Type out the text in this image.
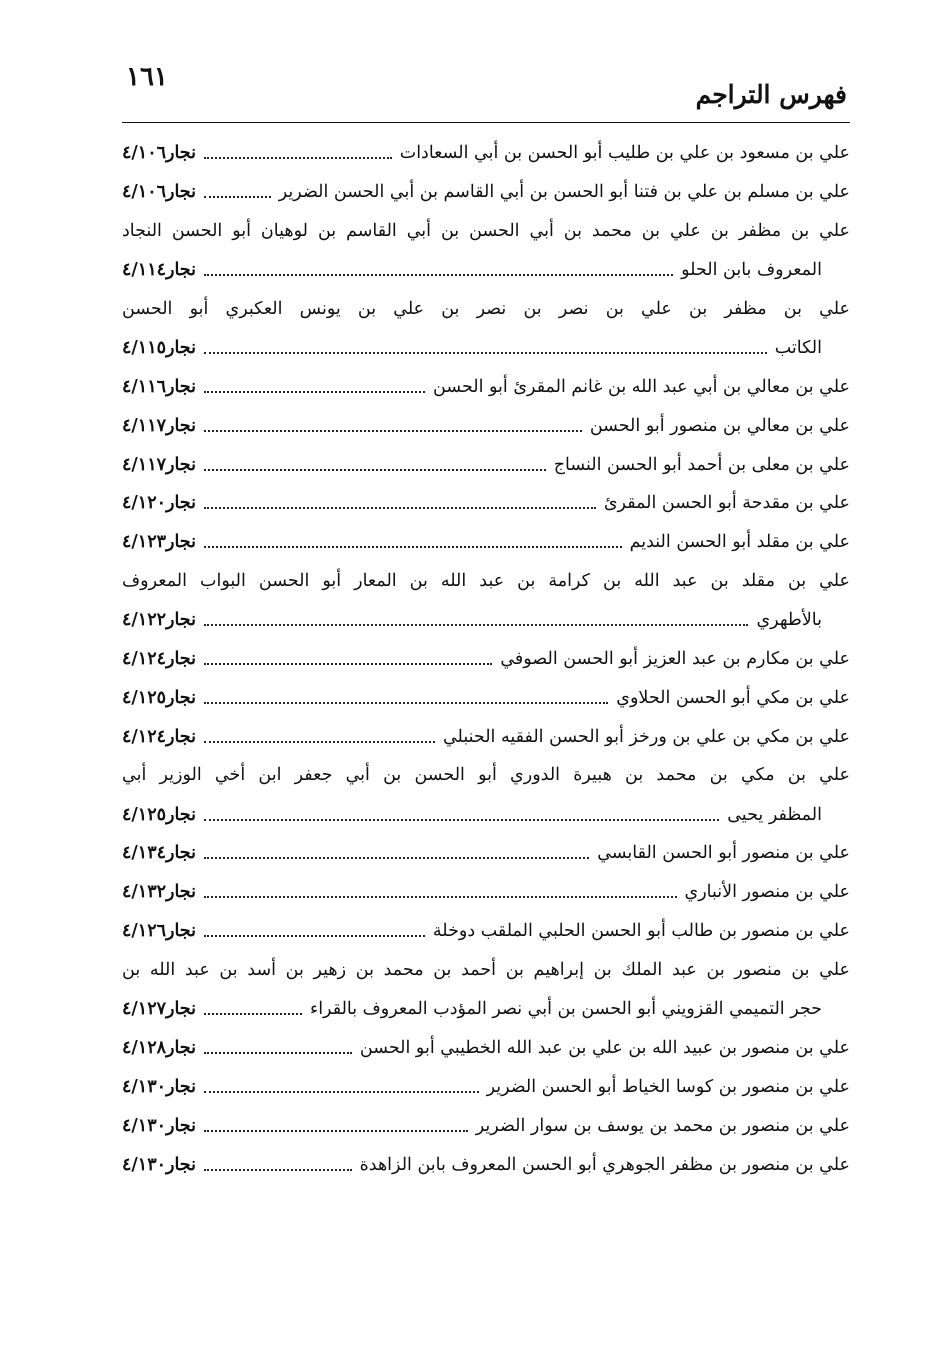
١٦١
فهرس التراجم
علي بن مسعود بن علي بن طليب أبو الحسن بن أبي السعادات
نجار٤/١٠٦
علي بن مسلم بن علي بن فتنا أبو الحسن بن أبي القاسم بن أبي الحسن الضرير
نجار٤/١٠٦
علي بن مظفر بن علي بن محمد بن أبي الحسن بن أبي القاسم بن لوهيان أبو الحسن النجاد
المعروف بابن الحلو
نجار٤/١١٤
علي بن مظفر بن علي بن نصر بن نصر بن علي بن يونس العكبري أبو الحسن
الكاتب
نجار٤/١١٥
علي بن معالي بن أبي عبد الله بن غانم المقرئ أبو الحسن
نجار٤/١١٦
علي بن معالي بن منصور أبو الحسن
نجار٤/١١٧
علي بن معلى بن أحمد أبو الحسن النساج
نجار٤/١١٧
علي بن مقدحة أبو الحسن المقرئ
نجار٤/١٢٠
علي بن مقلد أبو الحسن النديم
نجار٤/١٢٣
علي بن مقلد بن عبد الله بن كرامة بن عبد الله بن المعار أبو الحسن البواب المعروف
بالأطهري
نجار٤/١٢٢
علي بن مكارم بن عبد العزيز أبو الحسن الصوفي
نجار٤/١٢٤
علي بن مكي أبو الحسن الحلاوي
نجار٤/١٢٥
علي بن مكي بن علي بن ورخز أبو الحسن الفقيه الحنبلي
نجار٤/١٢٤
علي بن مكي بن محمد بن هبيرة الدوري أبو الحسن بن أبي جعفر ابن أخي الوزير أبي
المظفر يحيى
نجار٤/١٢٥
علي بن منصور أبو الحسن القابسي
نجار٤/١٣٤
علي بن منصور الأنباري
نجار٤/١٣٢
علي بن منصور بن طالب أبو الحسن الحلبي الملقب دوخلة
نجار٤/١٢٦
علي بن منصور بن عبد الملك بن إبراهيم بن أحمد بن محمد بن زهير بن أسد بن عبد الله بن
حجر التميمي القزويني أبو الحسن بن أبي نصر المؤدب المعروف بالقراء
نجار٤/١٢٧
علي بن منصور بن عبيد الله بن علي بن عبد الله الخطيبي أبو الحسن
نجار٤/١٢٨
علي بن منصور بن كوسا الخياط أبو الحسن الضرير
نجار٤/١٣٠
علي بن منصور بن محمد بن يوسف بن سوار الضرير
نجار٤/١٣٠
علي بن منصور بن مظفر الجوهري أبو الحسن المعروف بابن الزاهدة
نجار٤/١٣٠
